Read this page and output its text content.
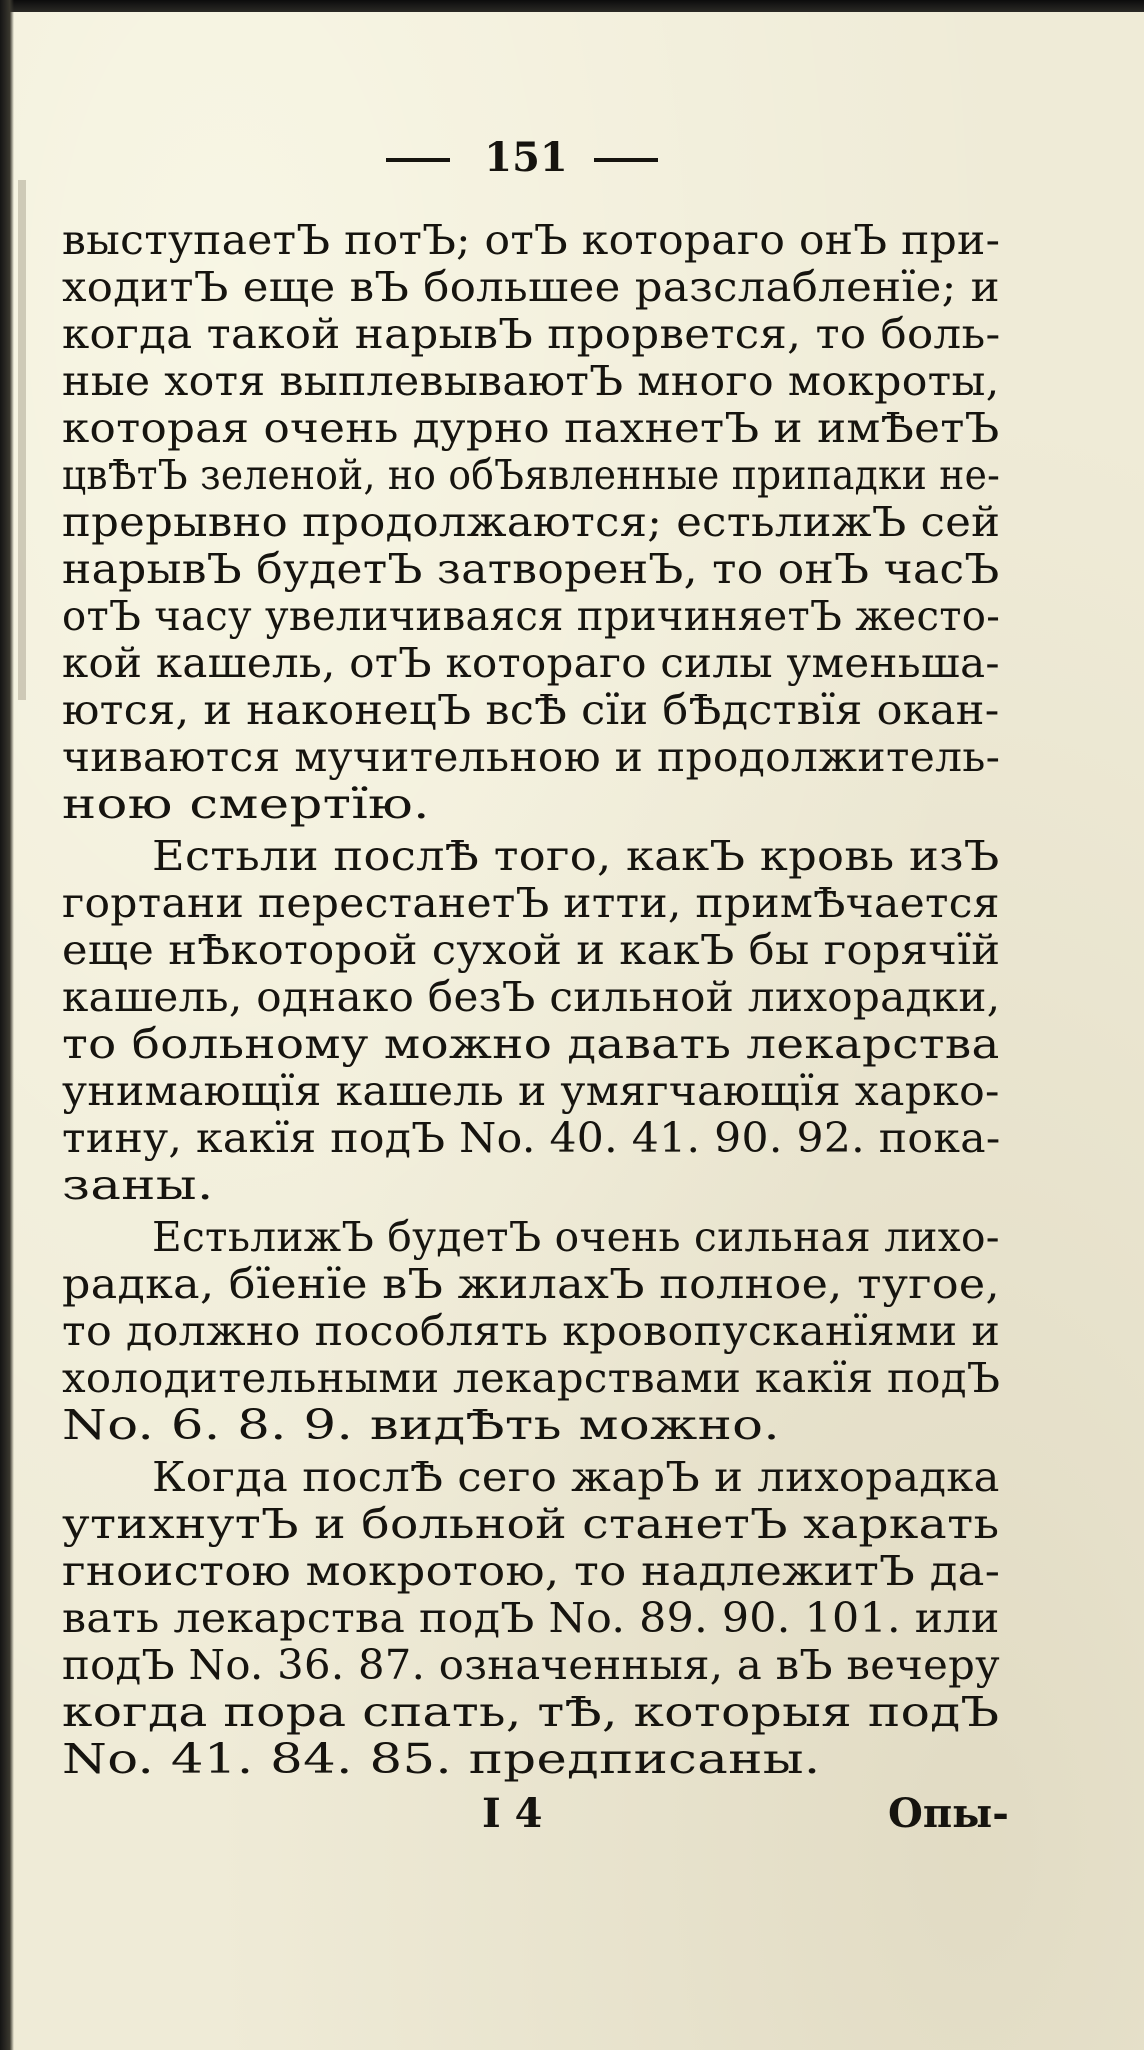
151
выступаетЪ потЪ; отЪ котораго онЪ при-
ходитЪ еще вЪ большее разслабленїе; и
когда такой нарывЪ прорвется, то боль-
ные хотя выплевываютЪ много мокроты,
которая очень дурно пахнетЪ и имѢетЪ
цвѢтЪ зеленой, но обЪявленные припадки не-
прерывно продолжаются; естьлижЪ сей
нарывЪ будетЪ затворенЪ, то онЪ часЪ
отЪ часу увеличиваяся причиняетЪ жесто-
кой кашель, отЪ котораго силы уменьша-
ются, и наконецЪ всѢ сїи бѢдствїя окан-
чиваются мучительною и продолжитель-
ною смертїю.
Естьли послѢ того, какЪ кровь изЪ
гортани перестанетЪ итти, примѢчается
еще нѢкоторой сухой и какЪ бы горячїй
кашель, однако безЪ сильной лихорадки,
то больному можно давать лекарства
унимающїя кашель и умягчающїя харко-
тину, какїя подЪ No. 40. 41. 90. 92. пока-
заны.
ЕстьлижЪ будетЪ очень сильная лихо-
радка, бїенїе вЪ жилахЪ полное, тугое,
то должно пособлять кровопусканїями и
холодительными лекарствами какїя подЪ
No. 6. 8. 9. видѢть можно.
Когда послѢ сего жарЪ и лихорадка
утихнутЪ и больной станетЪ харкать
гноистою мокротою, то надлежитЪ да-
вать лекарства подЪ No. 89. 90. 101. или
подЪ No. 36. 87. означенныя, а вЪ вечеру
когда пора спать, тѢ, которыя подЪ
No. 41. 84. 85. предписаны.
I 4	Опы-
